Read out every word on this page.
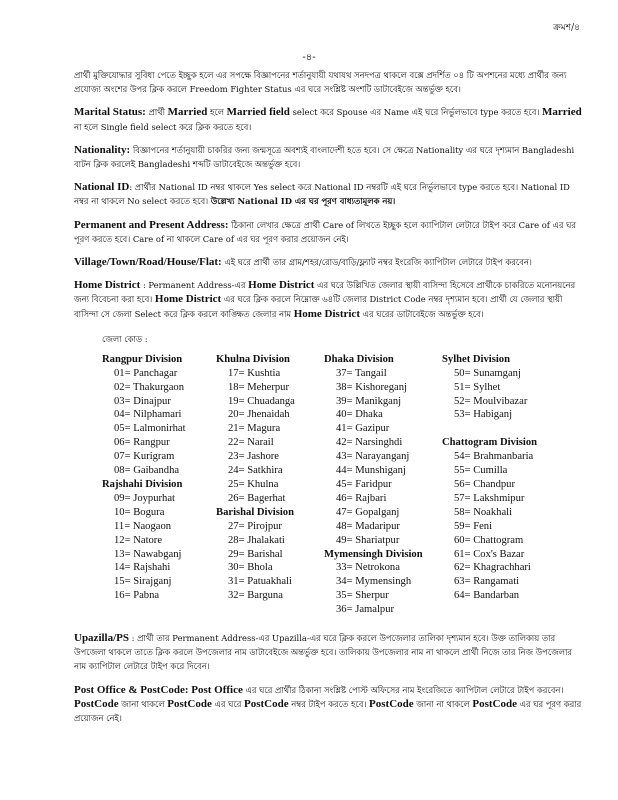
ক্রমশ/৪
-৪-

প্রার্থী মুক্তিযোদ্ধার সুবিধা পেতে ইচ্ছুক হলে এর সপক্ষে বিজ্ঞাপনের শর্তানুযায়ী যথাযথ সনদপত্র থাকলে বক্সে প্রদর্শিত ০৪ টি অপশনের মধ্যে প্রার্থীর জন্য প্রযোজ্য অংশের উপর ক্লিক করলে Freedom Fighter Status এর ঘরে সংশ্লিষ্ট অংশটি ডাটাবেইজে অন্তর্ভুক্ত হবে।

Marital Status: প্রার্থী Married হলে Married field select করে Spouse এর Name এই ঘরে নির্ভুলভাবে type করতে হবে। Married না হলে Single field select করে ক্লিক করতে হবে।

Nationality: বিজ্ঞাপনের শর্তানুযায়ী চাকরির জন্য জন্মসূত্রে অবশ্যই বাংলাদেশী হতে হবে। সে ক্ষেত্রে Nationality এর ঘরে দৃশ্যমান Bangladeshi বাটন ক্লিক করলেই Bangladeshi শব্দটি ডাটাবেইজে অন্তর্ভুক্ত হবে।

National ID: প্রার্থীর National ID নম্বর থাকলে Yes select করে National ID নম্বরটি এই ঘরে নির্ভুলভাবে type করতে হবে। National ID নম্বর না থাকলে No select করতে হবে। উল্লেখ্য National ID এর ঘর পূরণ বাধ্যতামূলক নয়।

Permanent and Present Address: ঠিকানা লেখার ক্ষেত্রে প্রার্থী Care of লিখতে ইচ্ছুক হলে ক্যাপিটাল লেটারে টাইপ করে Care of এর ঘর পূরণ করতে হবে। Care of না থাকলে Care of এর ঘর পূরণ করার প্রয়োজন নেই।

Village/Town/Road/House/Flat: এই ঘরে প্রার্থী তার গ্রাম/শহর/রোড/বাড়ি/ফ্ল্যাট নম্বর ইংরেজি ক্যাপিটাল লেটারে টাইপ করবেন।

Home District : Permanent Address-এর Home District এর ঘরে উল্লিখিত জেলার স্থায়ী বাসিন্দা হিসেবে প্রার্থীকে চাকরিতে মনোনয়নের জন্য বিবেচনা করা হবে। Home District এর ঘরে ক্লিক করলে নিম্নোক্ত ৬৪টি জেলার District Code নম্বর দৃশ্যমান হবে। প্রার্থী যে জেলার স্থায়ী বাসিন্দা সে জেলা Select করে ক্লিক করলে কাঙ্ক্ষিত জেলার নাম Home District এর ঘরের ডাটাবেইজে অন্তর্ভুক্ত হবে।

জেলা কোড :
Rangpur Division
01= Panchagar
02= Thakurgaon
03= Dinajpur
04= Nilphamari
05= Lalmonirhat
06= Rangpur
07= Kurigram
08= Gaibandha
Rajshahi Division
09= Joypurhat
10= Bogura
11= Naogaon
12= Natore
13= Nawabganj
14= Rajshahi
15= Sirajganj
16= Pabna
Khulna Division
17= Kushtia
18= Meherpur
19= Chuadanga
20= Jhenaidah
21= Magura
22= Narail
23= Jashore
24= Satkhira
25= Khulna
26= Bagerhat
Barishal Division
27= Pirojpur
28= Jhalakati
29= Barishal
30= Bhola
31= Patuakhali
32= Barguna
Dhaka Division
37= Tangail
38= Kishoreganj
39= Manikganj
40= Dhaka
41= Gazipur
42= Narsinghdi
43= Narayanganj
44= Munshiganj
45= Faridpur
46= Rajbari
47= Gopalganj
48= Madaripur
49= Shariatpur
Mymensingh Division
33= Netrokona
34= Mymensingh
35= Sherpur
36= Jamalpur
Sylhet Division
50= Sunamganj
51= Sylhet
52= Moulvibazar
53= Habiganj
Chattogram Division
54= Brahmanbaria
55= Cumilla
56= Chandpur
57= Lakshmipur
58= Noakhali
59= Feni
60= Chattogram
61= Cox's Bazar
62= Khagrachhari
63= Rangamati
64= Bandarban

Upazilla/PS : প্রার্থী তার Permanent Address-এর Upazilla-এর ঘরে ক্লিক করলে উপজেলার তালিকা দৃশ্যমান হবে। উক্ত তালিকায় তার উপজেলা থাকলে তাতে ক্লিক করলে উপজেলার নাম ডাটাবেইজে অন্তর্ভুক্ত হবে। তালিকায় উপজেলার নাম না থাকলে প্রার্থী নিজে তার নিজ উপজেলার নাম ক্যাপিটাল লেটারে টাইপ করে দিবেন।

Post Office & PostCode: Post Office এর ঘরে প্রার্থীর ঠিকানা সংশ্লিষ্ট পোস্ট অফিসের নাম ইংরেজিতে ক্যাপিটাল লেটারে টাইপ করবেন। PostCode জানা থাকলে PostCode এর ঘরে PostCode নম্বর টাইপ করতে হবে। PostCode জানা না থাকলে PostCode এর ঘর পূরণ করার প্রয়োজন নেই।
